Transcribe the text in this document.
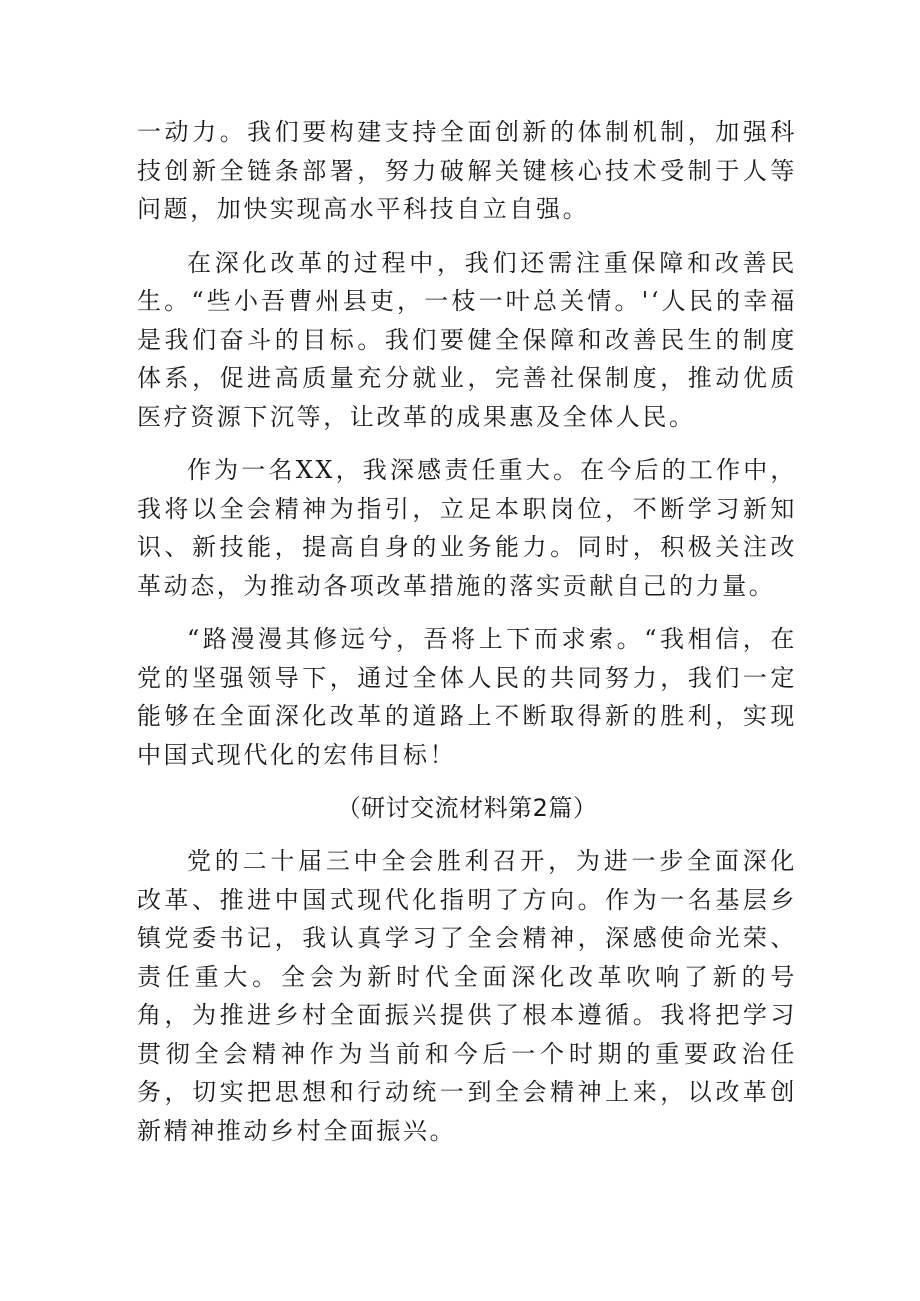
一动力。我们要构建支持全面创新的体制机制，加强科技创新全链条部署，努力破解关键核心技术受制于人等问题，加快实现高水平科技自立自强。

在深化改革的过程中，我们还需注重保障和改善民生。“些小吾曹州县吏，一枝一叶总关情。'‘人民的幸福是我们奋斗的目标。我们要健全保障和改善民生的制度体系，促进高质量充分就业，完善社保制度，推动优质医疗资源下沉等，让改革的成果惠及全体人民。

作为一名XX，我深感责任重大。在今后的工作中，我将以全会精神为指引，立足本职岗位，不断学习新知识、新技能，提高自身的业务能力。同时，积极关注改革动态，为推动各项改革措施的落实贡献自己的力量。

“路漫漫其修远兮，吾将上下而求索。“我相信，在党的坚强领导下，通过全体人民的共同努力，我们一定能够在全面深化改革的道路上不断取得新的胜利，实现中国式现代化的宏伟目标！

（研讨交流材料第2篇）

党的二十届三中全会胜利召开，为进一步全面深化改革、推进中国式现代化指明了方向。作为一名基层乡镇党委书记，我认真学习了全会精神，深感使命光荣、责任重大。全会为新时代全面深化改革吹响了新的号角，为推进乡村全面振兴提供了根本遵循。我将把学习贯彻全会精神作为当前和今后一个时期的重要政治任务，切实把思想和行动统一到全会精神上来，以改革创新精神推动乡村全面振兴。
